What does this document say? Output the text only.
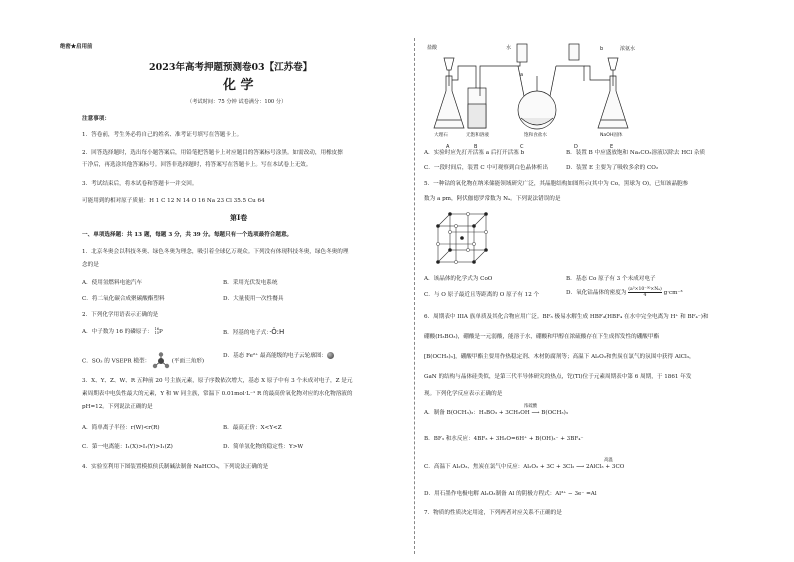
绝密★启用前
2023年高考押题预测卷03【江苏卷】
化 学
（考试时间：75 分钟 试卷满分：100 分）
注意事项：
1．答卷前，考生务必将自己的姓名、准考证号填写在答题卡上。
2．回答选择题时，选出每小题答案后，用铅笔把答题卡上对应题目的答案标号涂黑。如需改动，用橡皮擦
干净后，再选涂其他答案标号。回答非选择题时，将答案写在答题卡上。写在本试卷上无效。
3．考试结束后，将本试卷和答题卡一并交回。
可能用到的相对原子质量：H 1 C 12 N 14 O 16 Na 23 Cl 35.5 Cu 64
第Ⅰ卷
一、单项选择题：共 13 题，每题 3 分，共 39 分。每题只有一个选项最符合题意。
1．北京冬奥会以科技冬奥、绿色冬奥为理念，吸引着全球亿万观众。下列没有体现科技冬奥，绿色冬奥的理
念的是
A．使用氢燃料电池汽车	B．采用光伏发电系统
C．将二氧化碳合成聚碳酸酯塑料	D．大量使用一次性餐具
2．下列化学用语表示正确的是
A．中子数为 16 的磷原子：
16
15 P	B．羟基的电子式：·Ö:H
C．SO₃ 的 VSEPR 模型：	(平面三角形)
D．基态 Fe²⁺ 最高能级的电子云轮廓图：
3．X、Y、Z、W、R 五种前 20 号主族元素，原子序数依次增大，基态 X 原子中有 3 个未成对电子，Z 是元
素周期表中电负性最大的元素，Y 和 W 同主族，常温下 0.01mol·L⁻¹ R 的最高价氧化物对应的水化物溶液的
pH=12。下列说法正确的是
A．简单离子半径：r(W)<r(R)	B．最高正价：X<Y<Z
C．第一电离能：I₁(X)>I₁(Y)>I₁(Z)	D．简单氢化物的稳定性：Y>W
4．实验室利用下图装置模拟侯氏制碱法制备 NaHCO₃，下列说法正确的是
盐酸	水
a
b	浓氨水
大理石	无饱和溶液	饱和食盐水	NaOH固体
A	B	C	D	E
A．实验时应先打开活塞 a 后打开活塞 b	B．装置 B 中应盛放饱和 Na₂CO₃溶液以除去 HCl 杂质
C．一段时间后，装置 C 中可观察到白色晶体析出	D．装置 E 主要为了吸收多余的 CO₂
5．一种钴的氧化物在纳米储能领域研究广泛，其晶胞结构如图所示(其中为 Co，黑球为 O)，已知该晶胞参
数为 a pm，阿伏伽德罗常数为 Nₐ。下列说法错误的是
A．该晶体的化学式为 CoO	B．基态 Co 原子有 3 个未成对电子
C．与 O 原子最近且等距离的 O 原子有 12 个	D．氧化钴晶体的密度为 $\frac{\text{(a³×10⁻³⁰×Nₐ)}}{4} g\cdot cm^{-3}$
6．周期表中 IIIA 族单质及其化合物应用广泛。BF₃ 极易水解生成 HBF₄(HBF₄ 在水中完全电离为 H⁺ 和 BF₄⁻)和
硼酸(H₃BO₃)，硼酸是一元弱酸，能溶于水，硼酸和甲醇在浓硫酸存在下生成挥发性的硼酸甲酯
[B(OCH₃)₃]，硼酸甲酯主要用作热稳定剂、木材防腐剂等；高温下 Al₂O₃和焦炭在氯气的氛围中获得 AlCl₃，
GaN 的结构与晶体硅类似，是第三代半导体研究的热点，铊(Tl)位于元素周期表中第 6 周期，于 1861 年发
现。下列化学反应表示正确的是
A．制备 B(OCH₃)₃：H₃BO₃ + 3CH₃OH ⟶ B(OCH₃)₃
浓硫酸
B．BF₃ 和水反应：4BF₃ + 3H₂O=6H⁺ + B(OH)₃⁻ + 3BF₄⁻
C．高温下 Al₂O₃、焦炭在氯气中反应：Al₂O₃ + 3C + 3Cl₂ ⟶ 2AlCl₃ + 3CO
高温
D．用石墨作电极电解 Al₂O₃制备 Al 的阴极方程式：Al³⁺ − 3e⁻ =Al
7．物质的性质决定用途，下列两者对应关系不正确的是
